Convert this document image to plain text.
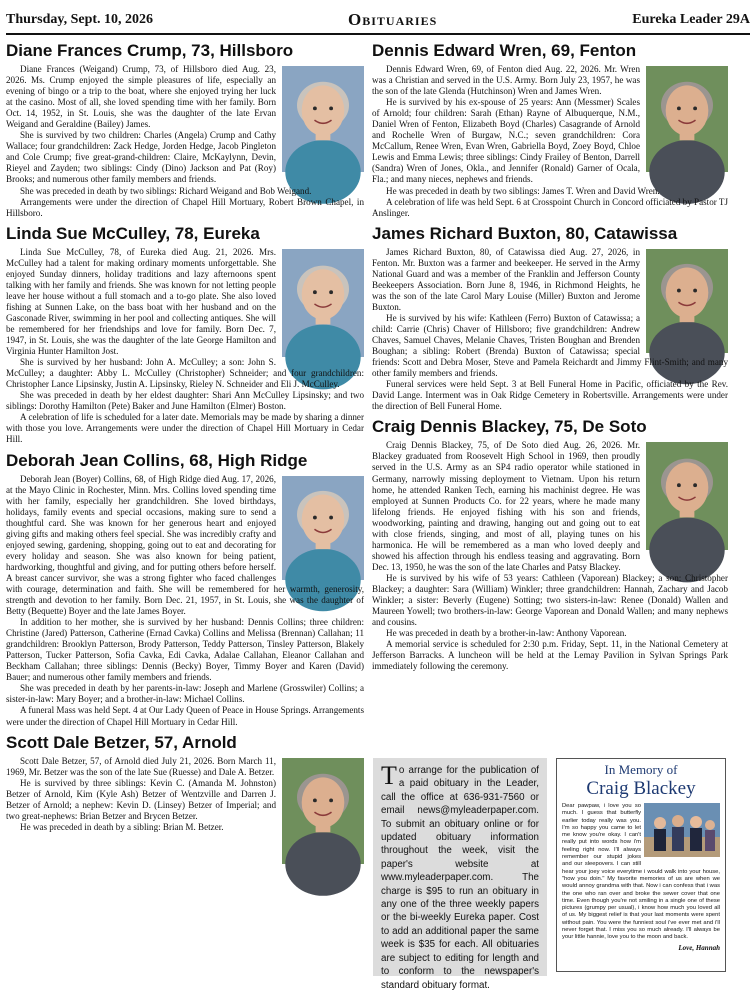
Thursday, Sept. 10, 2026	Obituaries	Eureka Leader 29A
Diane Frances Crump, 73, Hillsboro

Diane Frances (Weigand) Crump, 73, of Hillsboro died Aug. 23, 2026. Ms. Crump enjoyed the simple pleasures of life, especially an evening of bingo or a trip to the boat, where she enjoyed trying her luck at the casino. Most of all, she loved spending time with her family. Born Oct. 14, 1952, in St. Louis, she was the daughter of the late Ervan Weigand and Geraldine (Bailey) James.

She is survived by two children: Charles (Angela) Crump and Cathy Wallace; four grandchildren: Zack Hedge, Jorden Hedge, Jacob Pingleton and Cole Crump; five great-grand-children: Claire, McKaylynn, Devin, Rieyel and Zayden; two siblings: Cindy (Dino) Jackson and Pat (Roy) Brooks; and numerous other family members and friends.

She was preceded in death by two siblings: Richard Weigand and Bob Weigand.

Arrangements were under the direction of Chapel Hill Mortuary, Robert Brown Chapel, in Hillsboro.

Linda Sue McCulley, 78, Eureka

Linda Sue McCulley, 78, of Eureka died Aug. 21, 2026. Mrs. McCulley had a talent for making ordinary moments unforgettable. She enjoyed Sunday dinners, holiday traditions and lazy afternoons spent talking with her family and friends. She was known for not letting people leave her house without a full stomach and a to-go plate. She also loved fishing at Sunnen Lake, on the bass boat with her husband and on the Gasconade River, swimming in her pool and collecting antiques. She will be remembered for her friendships and love for family. Born Dec. 7, 1947, in St. Louis, she was the daughter of the late George Hamilton and Virginia Hunter Hamilton Jost.

She is survived by her husband: John A. McCulley; a son: John S. McCulley; a daughter: Abby L. McCulley (Christopher) Schneider; and four grandchildren: Christopher Lance Lipsinsky, Justin A. Lipsinsky, Rieley N. Schneider and Eli J. McCulley.

She was preceded in death by her eldest daughter: Shari Ann McCulley Lipsinsky; and two siblings: Dorothy Hamilton (Pete) Baker and June Hamilton (Elmer) Boston.

A celebration of life is scheduled for a later date. Memorials may be made by sharing a dinner with those you love. Arrangements were under the direction of Chapel Hill Mortuary in Cedar Hill.

Deborah Jean Collins, 68, High Ridge

Deborah Jean (Boyer) Collins, 68, of High Ridge died Aug. 17, 2026, at the Mayo Clinic in Rochester, Minn. Mrs. Collins loved spending time with her family, especially her grandchildren. She loved birthdays, holidays, family events and special occasions, making sure to send a thoughtful card. She was known for her generous heart and enjoyed giving gifts and making others feel special. She was incredibly crafty and enjoyed sewing, gardening, shopping, going out to eat and decorating for every holiday and season. She was also known for being patient, hardworking, thoughtful and giving, and for putting others before herself. A breast cancer survivor, she was a strong fighter who faced challenges with courage, determination and faith. She will be remembered for her warmth, generosity, strength and devotion to her family. Born Dec. 21, 1957, in St. Louis, she was the daughter of Betty (Bequette) Boyer and the late James Boyer.

In addition to her mother, she is survived by her husband: Dennis Collins; three children: Christine (Jared) Patterson, Catherine (Ernad Cavka) Collins and Melissa (Brennan) Callahan; 11 grandchildren: Brooklyn Patterson, Brody Patterson, Teddy Patterson, Tinsley Patterson, Blakely Patterson, Tucker Patterson, Sofia Cavka, Edi Cavka, Adalae Callahan, Eleanor Callahan and Beckham Callahan; three siblings: Dennis (Becky) Boyer, Timmy Boyer and Karen (David) Bauer; and numerous other family members and friends.

She was preceded in death by her parents-in-law: Joseph and Marlene (Grosswiler) Collins; a sister-in-law: Mary Boyer; and a brother-in-law: Michael Collins.

A funeral Mass was held Sept. 4 at Our Lady Queen of Peace in House Springs. Arrangements were under the direction of Chapel Hill Mortuary in Cedar Hill.

Scott Dale Betzer, 57, Arnold

Scott Dale Betzer, 57, of Arnold died July 21, 2026. Born March 11, 1969, Mr. Betzer was the son of the late Sue (Ruesse) and Dale A. Betzer.

He is survived by three siblings: Kevin C. (Amanda M. Johnston) Betzer of Arnold, Kim (Kyle Ash) Betzer of Wentzville and Darren J. Betzer of Arnold; a nephew: Kevin D. (Linsey) Betzer of Imperial; and two great-nephews: Brian Betzer and Brycen Betzer.

He was preceded in death by a sibling: Brian M. Betzer.

Dennis Edward Wren, 69, Fenton

Dennis Edward Wren, 69, of Fenton died Aug. 22, 2026. Mr. Wren was a Christian and served in the U.S. Army. Born July 23, 1957, he was the son of the late Glenda (Hutchinson) Wren and James Wren.

He is survived by his ex-spouse of 25 years: Ann (Messmer) Scales of Arnold; four children: Sarah (Ethan) Rayne of Albuquerque, N.M., Daniel Wren of Fenton, Elizabeth Boyd (Charles) Casagrande of Arnold and Rochelle Wren of Burgaw, N.C.; seven grandchildren: Cora McCallum, Renee Wren, Evan Wren, Gabriella Boyd, Zoey Boyd, Chloe Lewis and Emma Lewis; three siblings: Cindy Frailey of Benton, Darrell (Sandra) Wren of Jones, Okla., and Jennifer (Ronald) Garner of Ocala, Fla.; and many nieces, nephews and friends.

He was preceded in death by two siblings: James T. Wren and David Wren.

A celebration of life was held Sept. 6 at Crosspoint Church in Concord officiated by Pastor TJ Anslinger.

James Richard Buxton, 80, Catawissa

James Richard Buxton, 80, of Catawissa died Aug. 27, 2026, in Fenton. Mr. Buxton was a farmer and beekeeper. He served in the Army National Guard and was a member of the Franklin and Jefferson County Beekeepers Association. Born June 8, 1946, in Richmond Heights, he was the son of the late Carol Mary Louise (Miller) Buxton and Jerome Buxton.

He is survived by his wife: Kathleen (Ferro) Buxton of Catawissa; a child: Carrie (Chris) Chaver of Hillsboro; five grandchildren: Andrew Chaves, Samuel Chaves, Melanie Chaves, Tristen Boughan and Brenden Boughan; a sibling: Robert (Brenda) Buxton of Catawissa; special friends: Scott and Debra Moser, Steve and Pamela Reichardt and Jimmy Flint-Smith; and many other family members and friends.

Funeral services were held Sept. 3 at Bell Funeral Home in Pacific, officiated by the Rev. David Lange. Interment was in Oak Ridge Cemetery in Robertsville. Arrangements were under the direction of Bell Funeral Home.

Craig Dennis Blackey, 75, De Soto

Craig Dennis Blackey, 75, of De Soto died Aug. 26, 2026. Mr. Blackey graduated from Roosevelt High School in 1969, then proudly served in the U.S. Army as an SP4 radio operator while stationed in Germany, narrowly missing deployment to Vietnam. Upon his return home, he attended Ranken Tech, earning his machinist degree. He was employed at Sunnen Products Co. for 22 years, where he made many lifelong friends. He enjoyed fishing with his son and friends, woodworking, painting and drawing, hanging out and going out to eat with close friends, singing, and most of all, playing tunes on his harmonica. He will be remembered as a man who loved deeply and showed his affection through his endless teasing and aggravating. Born Dec. 13, 1950, he was the son of the late Charles and Patsy Blackey.

He is survived by his wife of 53 years: Cathleen (Vaporean) Blackey; a son: Christopher Blackey; a daughter: Sara (William) Winkler; three grandchildren: Hannah, Zachary and Jacob Winkler; a sister: Beverly (Eugene) Sotting; two sisters-in-law: Renee (Donald) Wallen and Maureen Yowell; two brothers-in-law: George Vaporean and Donald Wallen; and many nephews and cousins.

He was preceded in death by a brother-in-law: Anthony Vaporean.

A memorial service is scheduled for 2:30 p.m. Friday, Sept. 11, in the National Cemetery at Jefferson Barracks. A luncheon will be held at the Lemay Pavilion in Sylvan Springs Park immediately following the ceremony.

T o arrange for the publication of a paid obituary in the Leader, call the office at 636-931-7560 or email news@myleaderpaper.com. To submit an obituary online or for updated obituary information throughout the week, visit the paper's website at www.myleaderpaper.com. The charge is $95 to run an obituary in any one of the three weekly papers or the bi-weekly Eureka paper. Cost to add an additional paper the same week is $35 for each. All obituaries are subject to editing for length and to conform to the newspaper's standard obituary format.
In Memory of
Craig Blackey
Dear pawpaw, i love you so much. I guess that butterfly earlier today really was you. I'm so happy you came to let me know you're okay. I can't really put into words how i'm feeling right now. I'll always remember our stupid jokes and our sleepovers. I can still hear your joey voice everytime i would walk into your house, "how you doin." My favorite memories of us are when we would annoy grandma with that. Now i can confess that i was the one who ran over and broke the sewer cover that one time. Even though you're not smiling in a single one of these pictures (grumpy per usual), i know how much you loved all of us. My biggest relief is that your last moments were spent without pain. You were the funniest soul i've ever met and i'll never forget that. I miss you so much already. I'll always be your little hannie, love you to the moon and back.
Love, Hannah
